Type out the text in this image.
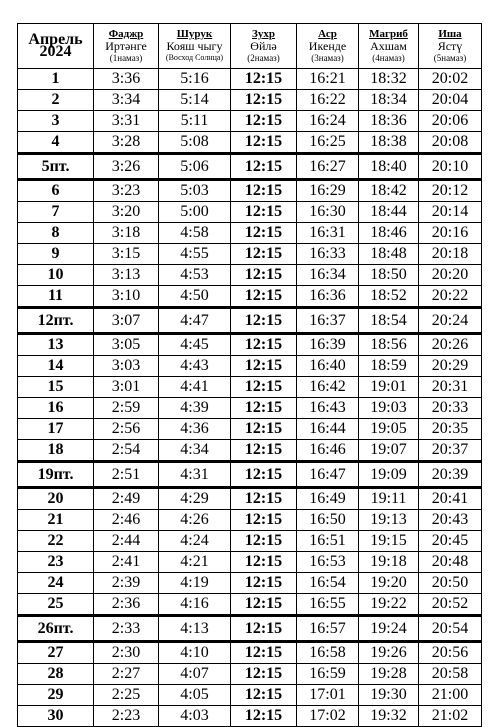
Апрель
2024	Фаджр
Иртәнге
(1намаз)	Шурук
Кояш чыгу
(Восход Солнца)	Зухр
Өйлә
(2намаз)	Аср
Икенде
(3намаз)	Магриб
Ахшам
(4намаз)	Иша
Ястү
(5намаз)

1	3:36	5:16	12:15	16:21	18:32	20:02
2	3:34	5:14	12:15	16:22	18:34	20:04
3	3:31	5:11	12:15	16:24	18:36	20:06
4	3:28	5:08	12:15	16:25	18:38	20:08
5пт.	3:26	5:06	12:15	16:27	18:40	20:10
6	3:23	5:03	12:15	16:29	18:42	20:12
7	3:20	5:00	12:15	16:30	18:44	20:14
8	3:18	4:58	12:15	16:31	18:46	20:16
9	3:15	4:55	12:15	16:33	18:48	20:18
10	3:13	4:53	12:15	16:34	18:50	20:20
11	3:10	4:50	12:15	16:36	18:52	20:22
12пт.	3:07	4:47	12:15	16:37	18:54	20:24
13	3:05	4:45	12:15	16:39	18:56	20:26
14	3:03	4:43	12:15	16:40	18:59	20:29
15	3:01	4:41	12:15	16:42	19:01	20:31
16	2:59	4:39	12:15	16:43	19:03	20:33
17	2:56	4:36	12:15	16:44	19:05	20:35
18	2:54	4:34	12:15	16:46	19:07	20:37
19пт.	2:51	4:31	12:15	16:47	19:09	20:39
20	2:49	4:29	12:15	16:49	19:11	20:41
21	2:46	4:26	12:15	16:50	19:13	20:43
22	2:44	4:24	12:15	16:51	19:15	20:45
23	2:41	4:21	12:15	16:53	19:18	20:48
24	2:39	4:19	12:15	16:54	19:20	20:50
25	2:36	4:16	12:15	16:55	19:22	20:52
26пт.	2:33	4:13	12:15	16:57	19:24	20:54
27	2:30	4:10	12:15	16:58	19:26	20:56
28	2:27	4:07	12:15	16:59	19:28	20:58
29	2:25	4:05	12:15	17:01	19:30	21:00
30	2:23	4:03	12:15	17:02	19:32	21:02
